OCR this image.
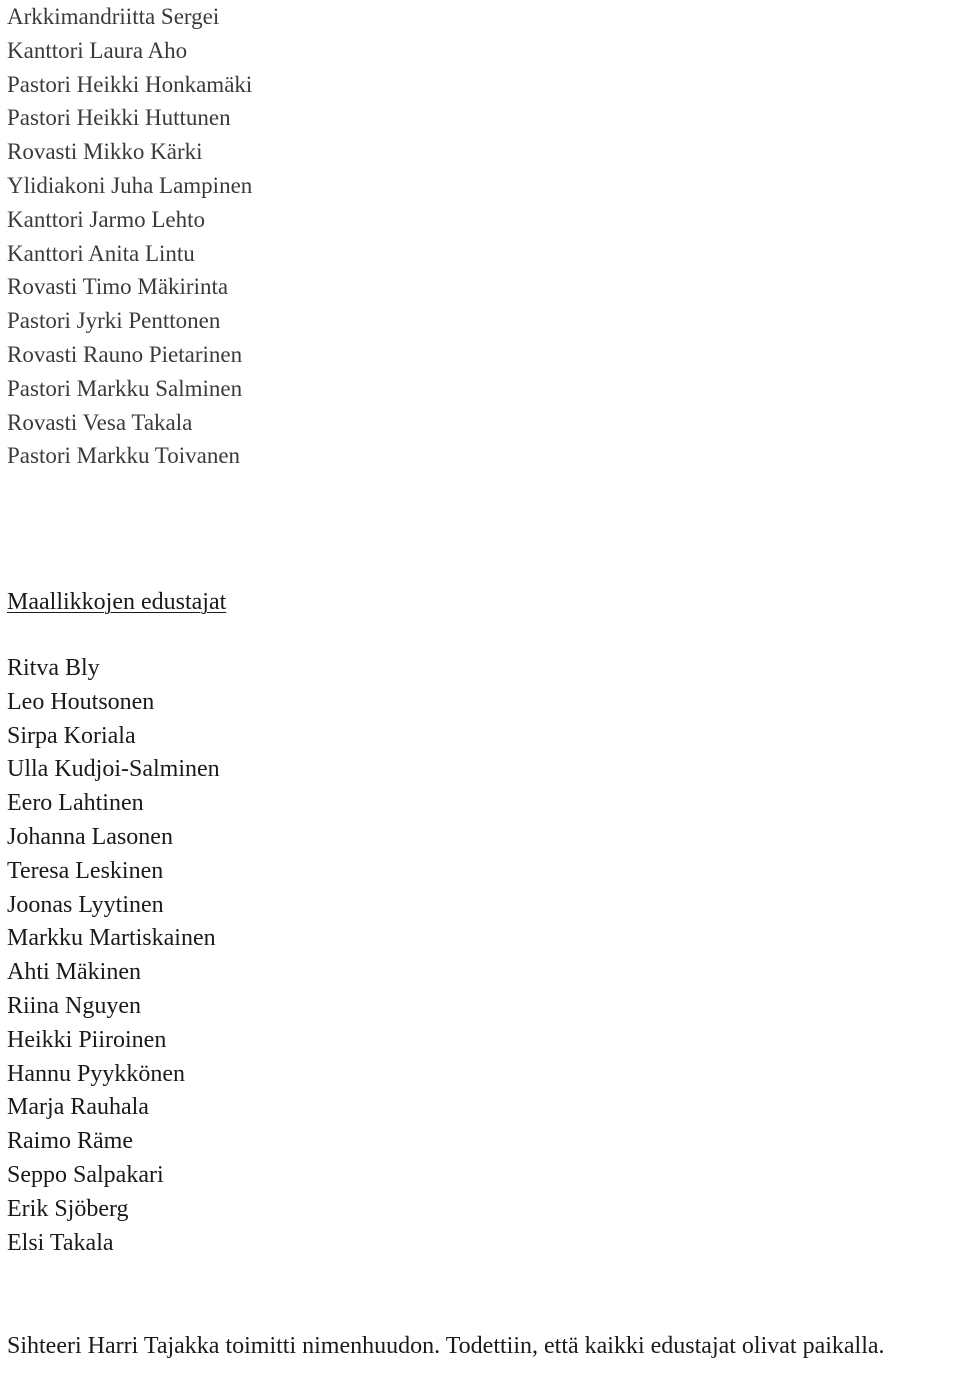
Arkkimandriitta Sergei
Kanttori Laura Aho
Pastori Heikki Honkamäki
Pastori Heikki Huttunen
Rovasti Mikko Kärki
Ylidiakoni Juha Lampinen
Kanttori Jarmo Lehto
Kanttori Anita Lintu
Rovasti Timo Mäkirinta
Pastori Jyrki Penttonen
Rovasti Rauno Pietarinen
Pastori Markku Salminen
Rovasti Vesa Takala
Pastori Markku Toivanen
Maallikkojen edustajat
Ritva Bly
Leo Houtsonen
Sirpa Koriala
Ulla Kudjoi-Salminen
Eero Lahtinen
Johanna Lasonen
Teresa Leskinen
Joonas Lyytinen
Markku Martiskainen
Ahti Mäkinen
Riina Nguyen
Heikki Piiroinen
Hannu Pyykkönen
Marja Rauhala
Raimo Räme
Seppo Salpakari
Erik Sjöberg
Elsi Takala

Sihteeri Harri Tajakka toimitti nimenhuudon. Todettiin, että kaikki edustajat olivat paikalla.
